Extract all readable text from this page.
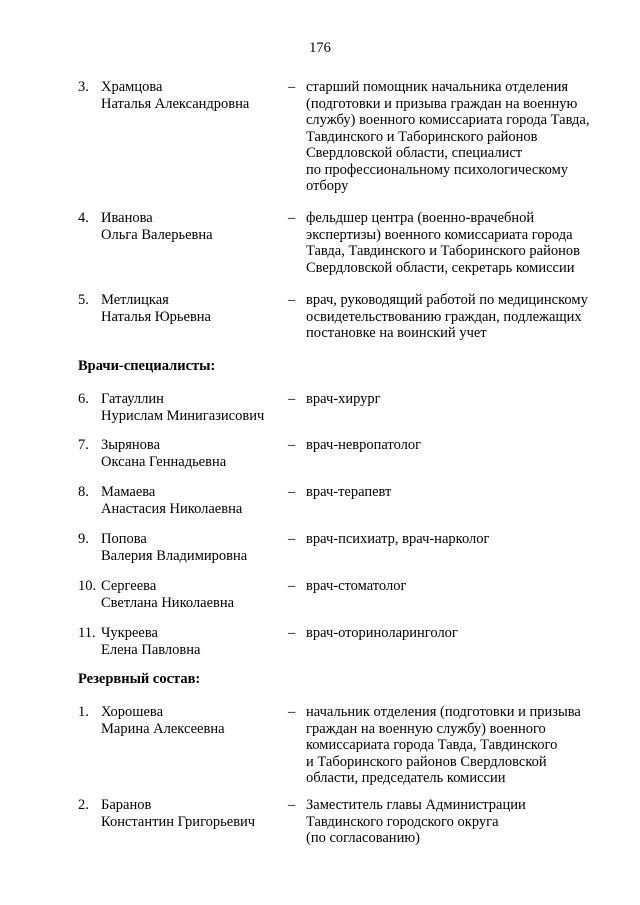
176
3. Храмцова
Наталья Александровна
– старший помощник начальника отделения
(подготовки и призыва граждан на военную
службу) военного комиссариата города Тавда,
Тавдинского и Таборинского районов
Свердловской области, специалист
по профессиональному психологическому
отбору
4. Иванова
Ольга Валерьевна
– фельдшер центра (военно-врачебной
экспертизы) военного комиссариата города
Тавда, Тавдинского и Таборинского районов
Свердловской области, секретарь комиссии
5. Метлицкая
Наталья Юрьевна
– врач, руководящий работой по медицинскому
освидетельствованию граждан, подлежащих
постановке на воинский учет
Врачи-специалисты:
6. Гатауллин
Нурислам Минигазисович
– врач-хирург
7. Зырянова
Оксана Геннадьевна
– врач-невропатолог
8. Мамаева
Анастасия Николаевна
– врач-терапевт
9. Попова
Валерия Владимировна
– врач-психиатр, врач-нарколог
10. Сергеева
Светлана Николаевна
– врач-стоматолог
11. Чукреева
Елена Павловна
– врач-оториноларинголог
Резервный состав:
1. Хорошева
Марина Алексеевна
– начальник отделения (подготовки и призыва
граждан на военную службу) военного
комиссариата города Тавда, Тавдинского
и Таборинского районов Свердловской
области, председатель комиссии
2. Баранов
Константин Григорьевич
– Заместитель главы Администрации
Тавдинского городского округа
(по согласованию)
